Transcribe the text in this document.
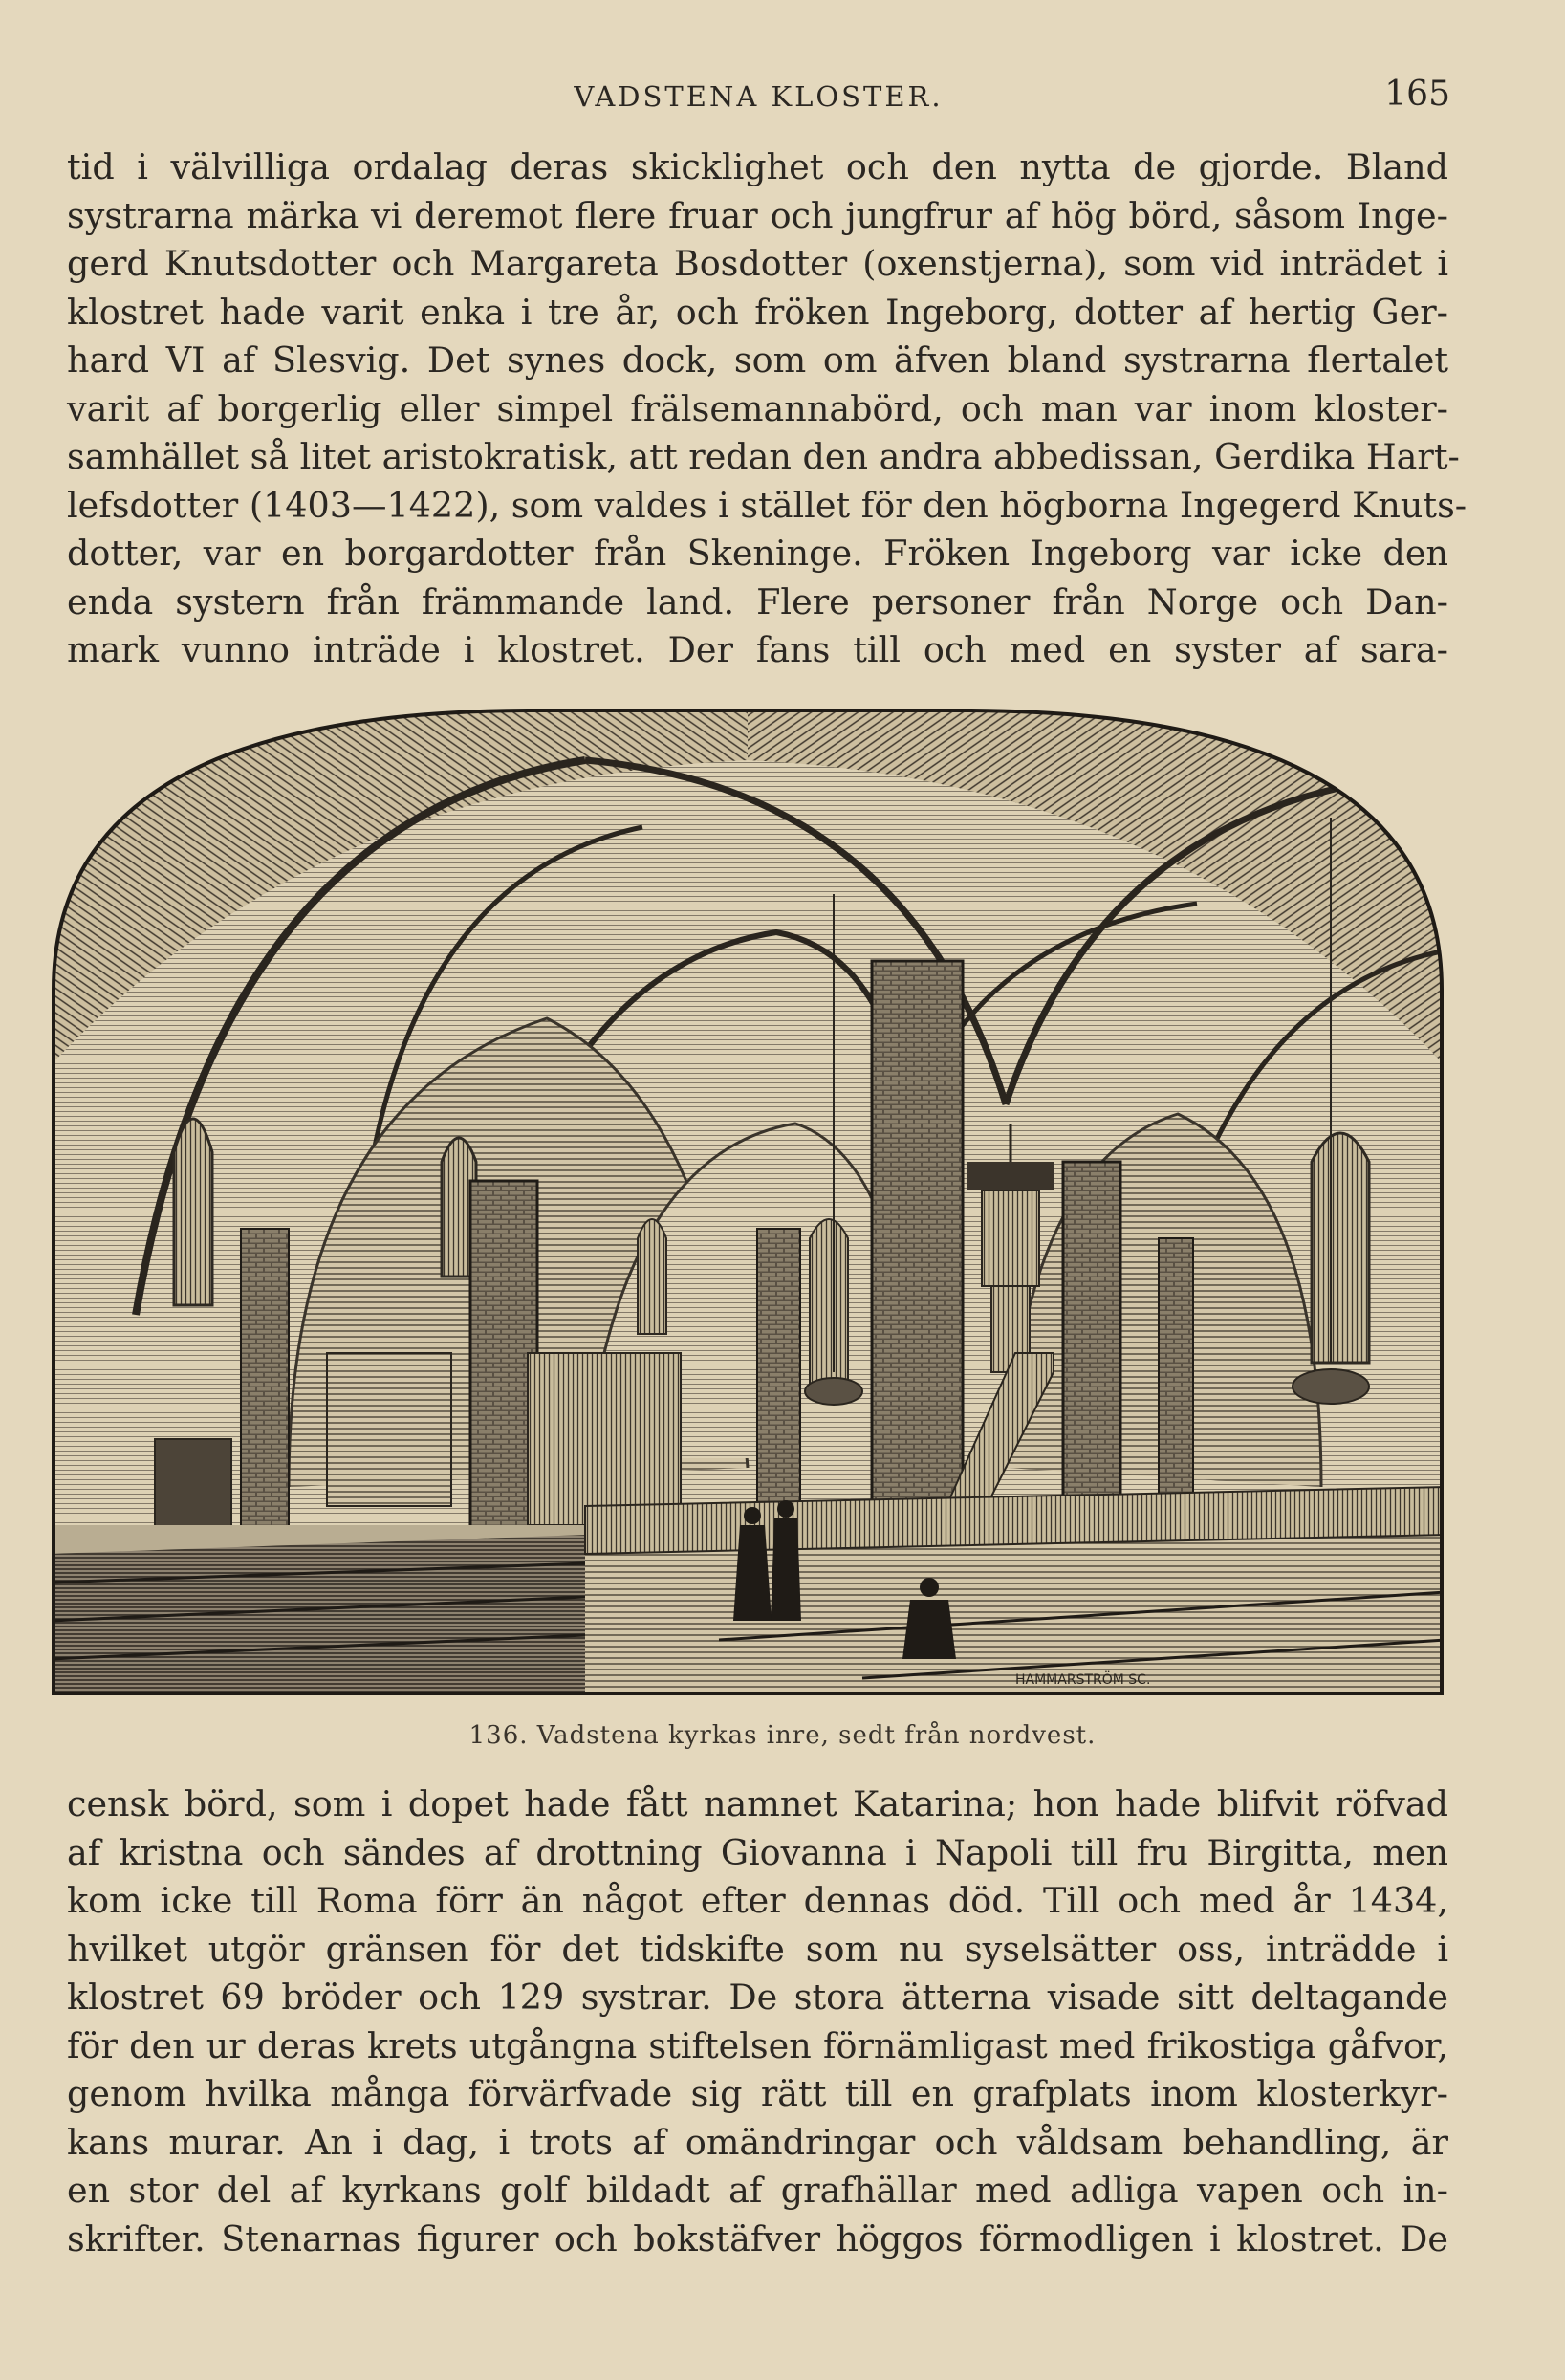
VADSTENA KLOSTER.	165
tid i välvilliga ordalag deras skicklighet och den nytta de gjorde. Bland
systrarna märka vi deremot flere fruar och jungfrur af hög börd, såsom Inge-
gerd Knutsdotter och Margareta Bosdotter (oxenstjerna), som vid inträdet i
klostret hade varit enka i tre år, och fröken Ingeborg, dotter af hertig Ger-
hard VI af Slesvig. Det synes dock, som om äfven bland systrarna flertalet
varit af borgerlig eller simpel frälsemannabörd, och man var inom kloster-
samhället så litet aristokratisk, att redan den andra abbedissan, Gerdika Hart-
lefsdotter (1403—1422), som valdes i stället för den högborna Ingegerd Knuts-
dotter, var en borgardotter från Skeninge. Fröken Ingeborg var icke den
enda systern från främmande land. Flere personer från Norge och Dan-
mark vunno inträde i klostret. Der fans till och med en syster af sara-
HAMMARSTRÖM SC.
136. Vadstena kyrkas inre, sedt från nordvest.
censk börd, som i dopet hade fått namnet Katarina; hon hade blifvit röfvad
af kristna och sändes af drottning Giovanna i Napoli till fru Birgitta, men
kom icke till Roma förr än något efter dennas död. Till och med år 1434,
hvilket utgör gränsen för det tidskifte som nu syselsätter oss, inträdde i
klostret 69 bröder och 129 systrar. De stora ätterna visade sitt deltagande
för den ur deras krets utgångna stiftelsen förnämligast med frikostiga gåfvor,
genom hvilka många förvärfvade sig rätt till en grafplats inom klosterkyr-
kans murar. An i dag, i trots af omändringar och våldsam behandling, är
en stor del af kyrkans golf bildadt af grafhällar med adliga vapen och in-
skrifter. Stenarnas figurer och bokstäfver höggos förmodligen i klostret. De
